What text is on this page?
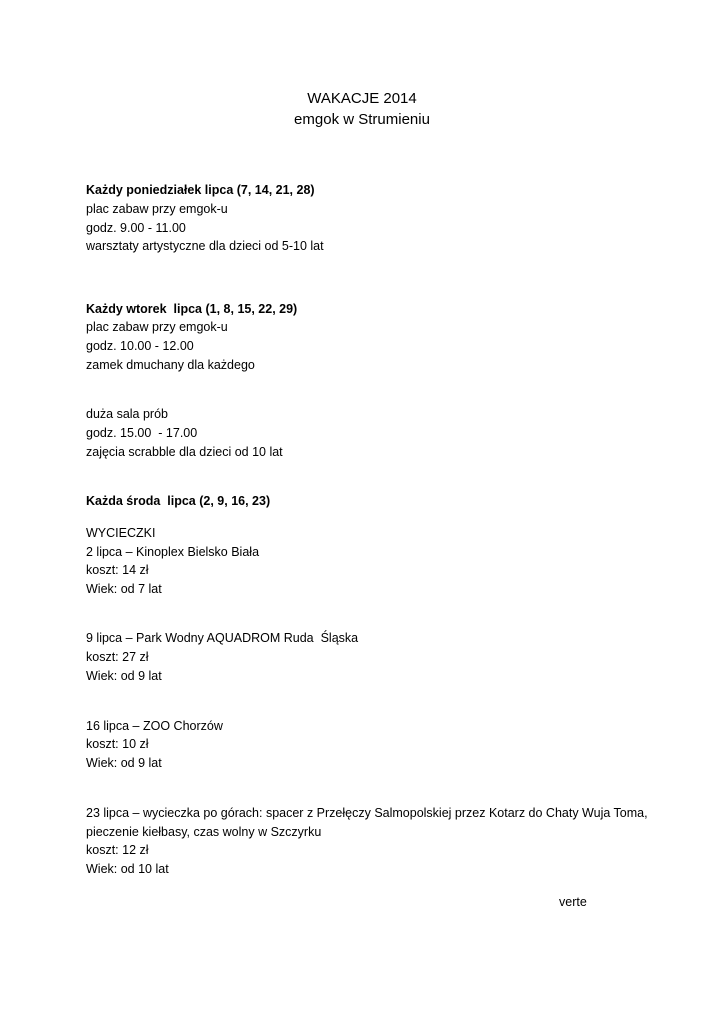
WAKACJE 2014
emgok w Strumieniu
Każdy poniedziałek lipca (7, 14, 21, 28)
plac zabaw przy emgok-u
godz. 9.00 - 11.00
warsztaty artystyczne dla dzieci od 5-10 lat
Każdy wtorek  lipca (1, 8, 15, 22, 29)
plac zabaw przy emgok-u
godz. 10.00 - 12.00
zamek dmuchany dla każdego
duża sala prób
godz. 15.00  - 17.00
zajęcia scrabble dla dzieci od 10 lat
Każda środa  lipca (2, 9, 16, 23)
WYCIECZKI
2 lipca – Kinoplex Bielsko Biała
koszt: 14 zł
Wiek: od 7 lat
9 lipca – Park Wodny AQUADROM Ruda  Śląska
koszt: 27 zł
Wiek: od 9 lat
16 lipca – ZOO Chorzów
koszt: 10 zł
Wiek: od 9 lat
23 lipca – wycieczka po górach: spacer z Przełęczy Salmopolskiej przez Kotarz do Chaty Wuja Toma,
pieczenie kiełbasy, czas wolny w Szczyrku
koszt: 12 zł
Wiek: od 10 lat
verte
